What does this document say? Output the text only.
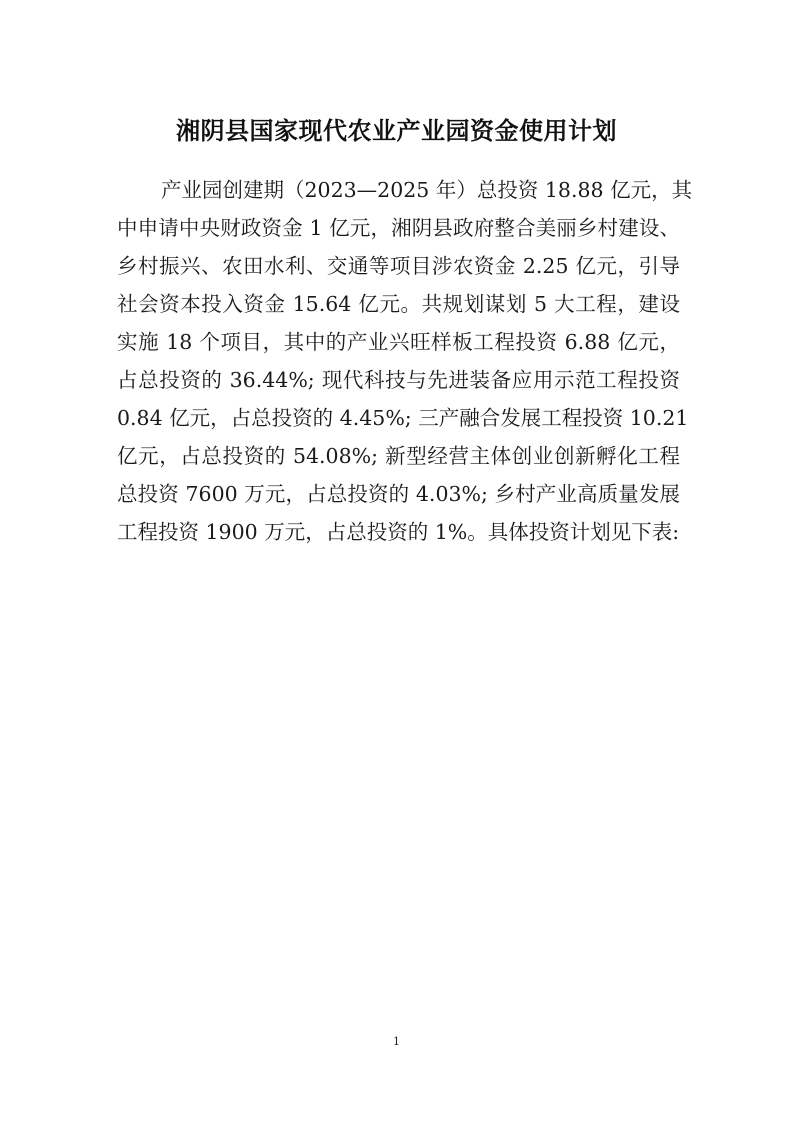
湘阴县国家现代农业产业园资金使用计划
产业园创建期（2023—2025 年）总投资 18.88 亿元，其
中申请中央财政资金 1 亿元，湘阴县政府整合美丽乡村建设、
乡村振兴、农田水利、交通等项目涉农资金 2.25 亿元，引导
社会资本投入资金 15.64 亿元。共规划谋划 5 大工程，建设
实施 18 个项目，其中的产业兴旺样板工程投资 6.88 亿元，
占总投资的 36.44%; 现代科技与先进装备应用示范工程投资
0.84 亿元，占总投资的 4.45%; 三产融合发展工程投资 10.21
亿元，占总投资的 54.08%; 新型经营主体创业创新孵化工程
总投资 7600 万元，占总投资的 4.03%; 乡村产业高质量发展
工程投资 1900 万元，占总投资的 1%。具体投资计划见下表:
1
